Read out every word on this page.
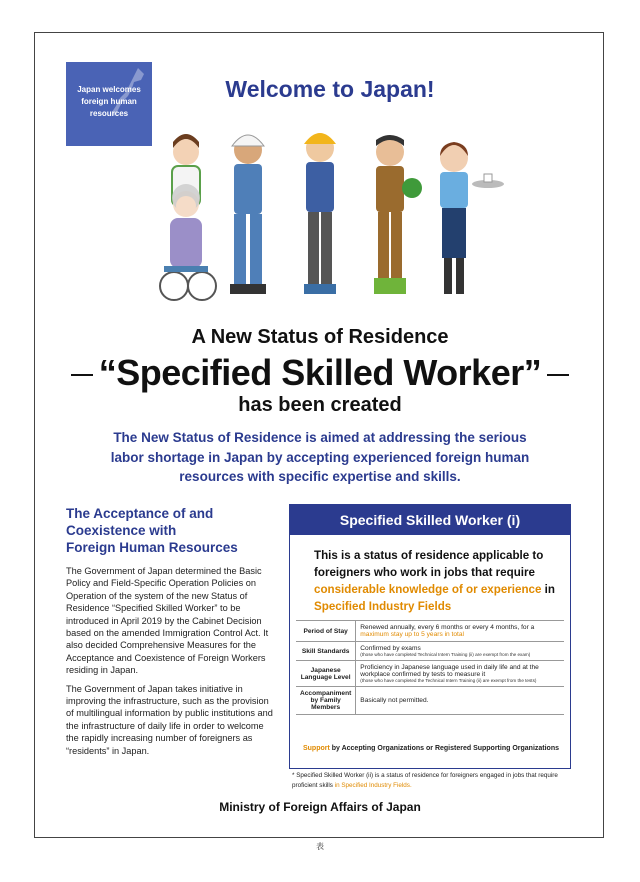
Japan welcomes
foreign human
resources
Welcome to Japan!
A New Status of Residence
“Specified Skilled Worker”
has been created
The New Status of Residence is aimed at addressing the serious labor shortage in Japan by accepting experienced foreign human resources with specific expertise and skills.
The Acceptance of and
Coexistence with
Foreign Human Resources

The Government of Japan determined the Basic Policy and Field-Specific Operation Policies on Operation of the system of the new Status of Residence “Specified Skilled Worker” to be introduced in April 2019 by the Cabinet Decision based on the amended Immigration Control Act. It also decided Comprehensive Measures for the Acceptance and Coexistence of Foreign Workers residing in Japan.

The Government of Japan takes initiative in improving the infrastructure, such as the provision of multilingual information by public institutions and the infrastructure of daily life in order to welcome the rapidly increasing number of foreigners as “residents” in Japan.

Specified Skilled Worker (i)
This is a status of residence applicable to foreigners who work in jobs that require considerable knowledge of or experience in Specified Industry Fields
Period of Stay	Renewed annually, every 6 months or every 4 months, for a maximum stay up to 5 years in total
Skill Standards	Confirmed by exams
(those who have completed Technical Intern Training (ii) are exempt from the exam)

Japanese Language Level	Proficiency in Japanese language used in daily life and at the workplace confirmed by tests to measure it
(those who have completed the Technical Intern Training (ii) are exempt from the tests)

Accompaniment by Family Members	Basically not permitted.
Support by Accepting Organizations or Registered Supporting Organizations
* Specified Skilled Worker (ii) is a status of residence for foreigners engaged in jobs that require proficient skills in Specified Industry Fields.
Ministry of Foreign Affairs of Japan
表
